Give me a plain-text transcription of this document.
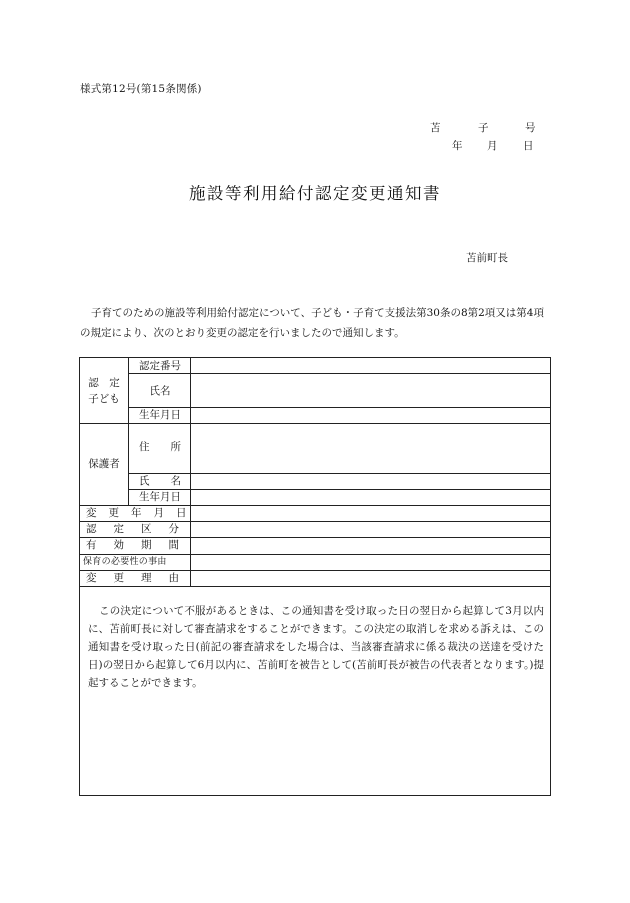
様式第12号(第15条関係)
苫	子	号
年 月 日
施設等利用給付認定変更通知書
苫前町長
子育てのための施設等利用給付認定について、子ども・子育て支援法第30条の8第2項又は第4項の規定により、次のとおり変更の認定を行いましたので通知します。
認　定
子ども
認定番号
氏名
生年月日
保護者
住　　所
氏　　名
生年月日
変更年月日
認定区分
有効期間
保育の必要性の事由
変更理由
この決定について不服があるときは、この通知書を受け取った日の翌日から起算して3月以内に、苫前町長に対して審査請求をすることができます。この決定の取消しを求める訴えは、この通知書を受け取った日(前記の審査請求をした場合は、当該審査請求に係る裁決の送達を受けた日)の翌日から起算して6月以内に、苫前町を被告として(苫前町長が被告の代表者となります。)提起することができます。
